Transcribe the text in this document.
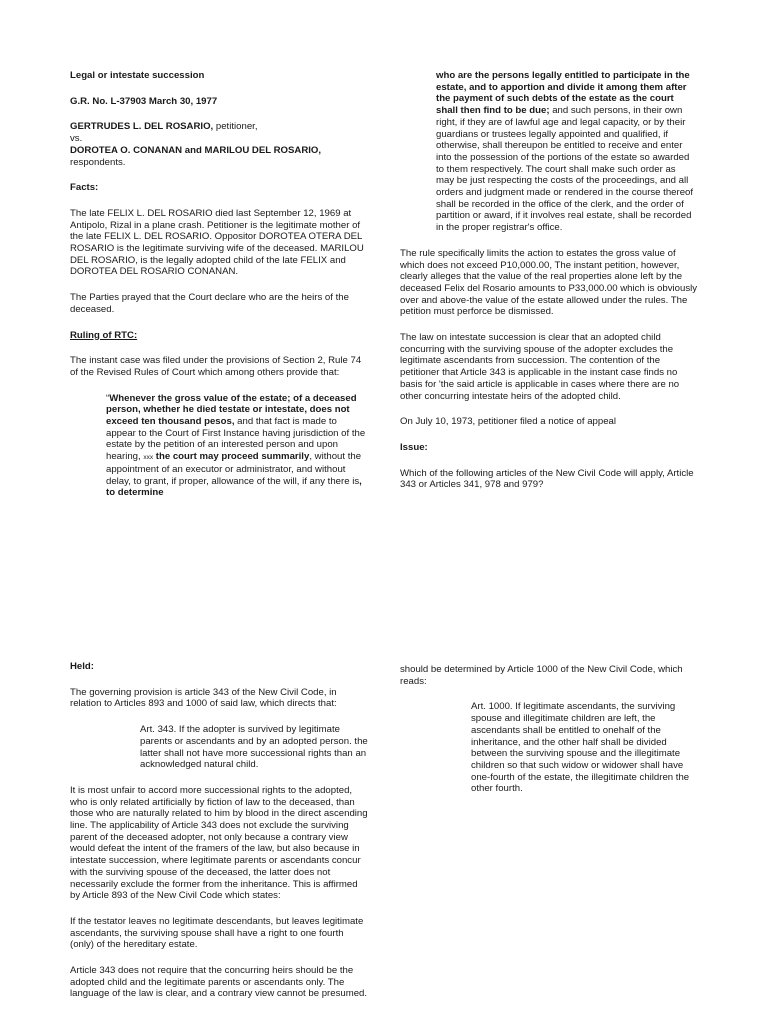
Legal or intestate succession

G.R. No. L-37903 March 30, 1977

GERTRUDES L. DEL ROSARIO, petitioner,
vs.
DOROTEA O. CONANAN and MARILOU DEL ROSARIO, respondents.

Facts:

The late FELIX L. DEL ROSARIO died last September 12, 1969 at Antipolo, Rizal in a plane crash. Petitioner is the legitimate mother of the late FELIX L. DEL ROSARIO. Oppositor DOROTEA OTERA DEL ROSARIO is the legitimate surviving wife of the deceased. MARILOU DEL ROSARIO, is the legally adopted child of the late FELIX and DOROTEA DEL ROSARIO CONANAN.

The Parties prayed that the Court declare who are the heirs of the deceased.

Ruling of RTC:

The instant case was filed under the provisions of Section 2, Rule 74 of the Revised Rules of Court which among others provide that:

“Whenever the gross value of the estate; of a deceased person, whether he died testate or intestate, does not exceed ten thousand pesos, and that fact is made to appear to the Court of First Instance having jurisdiction of the estate by the petition of an interested person and upon hearing, xxx the court may proceed summarily, without the appointment of an executor or administrator, and without delay, to grant, if proper, allowance of the will, if any there is, to determine

who are the persons legally entitled to participate in the estate, and to apportion and divide it among them after the payment of such debts of the estate as the court shall then find to be due; and such persons, in their own right, if they are of lawful age and legal capacity, or by their guardians or trustees legally appointed and qualified, if otherwise, shall thereupon be entitled to receive and enter into the possession of the portions of the estate so awarded to them respectively. The court shall make such order as may be just respecting the costs of the proceedings, and all orders and judgment made or rendered in the course thereof shall be recorded in the office of the clerk, and the order of partition or award, if it involves real estate, shall be recorded in the proper registrar's office.

The rule specifically limits the action to estates the gross value of which does not exceed P10,000.00, The instant petition, however, clearly alleges that the value of the real properties alone left by the deceased Felix del Rosario amounts to P33,000.00 which is obviously over and above-the value of the estate allowed under the rules. The petition must perforce be dismissed.

The law on intestate succession is clear that an adopted child concurring with the surviving spouse of the adopter excludes the legitimate ascendants from succession. The contention of the petitioner that Article 343 is applicable in the instant case finds no basis for 'the said article is applicable in cases where there are no other concurring intestate heirs of the adopted child.

On July 10, 1973, petitioner filed a notice of appeal

Issue:

Which of the following articles of the New Civil Code will apply, Article 343 or Articles 341, 978 and 979?

Held:

The governing provision is article 343 of the New Civil Code, in relation to Articles 893 and 1000 of said law, which directs that:

Art. 343. If the adopter is survived by legitimate parents or ascendants and by an adopted person. the latter shall not have more successional rights than an acknowledged natural child.

It is most unfair to accord more successional rights to the adopted, who is only related artificially by fiction of law to the deceased, than those who are naturally related to him by blood in the direct ascending line. The applicability of Article 343 does not exclude the surviving parent of the deceased adopter, not only because a contrary view would defeat the intent of the framers of the law, but also because in intestate succession, where legitimate parents or ascendants concur with the surviving spouse of the deceased, the latter does not necessarily exclude the former from the inheritance. This is affirmed by Article 893 of the New Civil Code which states:

If the testator leaves no legitimate descendants, but leaves legitimate ascendants, the surviving spouse shall have a right to one fourth (only) of the hereditary estate.

Article 343 does not require that the concurring heirs should be the adopted child and the legitimate parents or ascendants only. The language of the law is clear, and a contrary view cannot be presumed.

should be determined by Article 1000 of the New Civil Code, which reads:

Art. 1000. If legitimate ascendants, the surviving spouse and illegitimate children are left, the ascendants shall be entitled to onehalf of the inheritance, and the other half shall be divided between the surviving spouse and the illegitimate children so that such widow or widower shall have one-fourth of the estate, the illegitimate children the other fourth.
